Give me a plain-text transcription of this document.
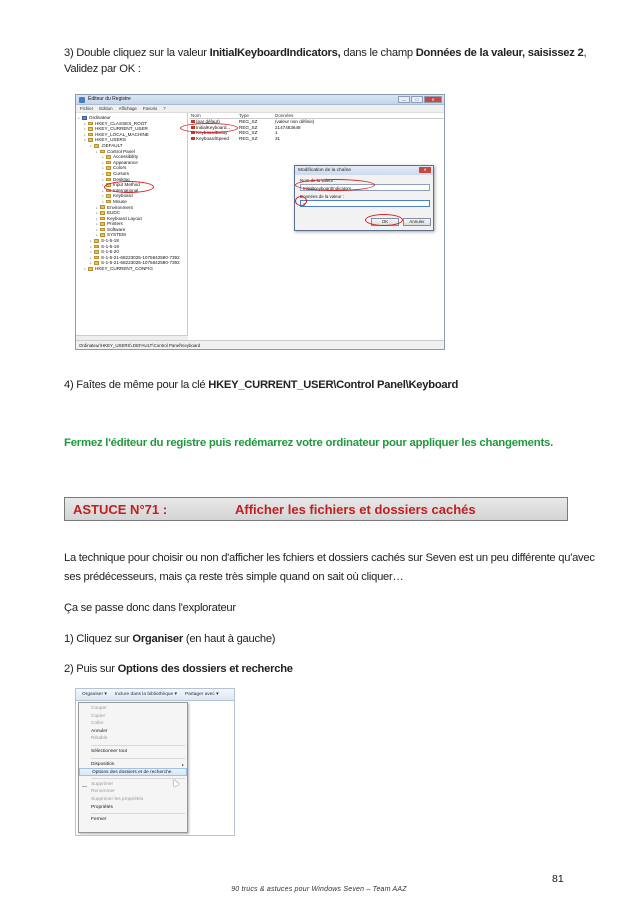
3) Double cliquez sur la valeur InitialKeyboardIndicators, dans le champ Données de la valeur, saisissez 2,
Validez par OK :
Éditeur du Registre	—	□	✕
Fichier Edition Affichage Favoris ?
▹ Ordinateur
▹ HKEY_CLASSES_ROOT
▹ HKEY_CURRENT_USER
▹ HKEY_LOCAL_MACHINE
▹ HKEY_USERS
▹ .DEFAULT
▹ Control Panel
▹ Accessibility
▹ Appearance
▹ Colors
▹ Cursors
▹ Desktop
▹ Input Method
▹ International
▹ Keyboard
▹ Mouse
▹ Environment
▹ EUDC
▹ Keyboard Layout
▹ Printers
▹ Software
▹ SYSTEM
▹ S-1-5-18
▹ S-1-5-19
▹ S-1-5-20
▹ S-1-5-21-68223025-1075842580-7392
▹ S-1-5-21-68223025-1075842580-7392
▹ HKEY_CURRENT_CONFIG
Nom	Type	Données
(par défaut)	REG_SZ	(valeur non définie)
InitialKeyboard...	REG_SZ	2147483648
KeyboardDelay	REG_SZ	1
KeyboardSpeed	REG_SZ	31
Ordinateur\HKEY_USERS\.DEFAULT\Control Panel\Keyboard
Modification de la chaîne	✕
Nom de la valeur :
InitialKeyboardIndicators
Données de la valeur :
2
OK	Annuler
4) Faîtes de même pour la clé HKEY_CURRENT_USER\Control Panel\Keyboard
Fermez l'éditeur du registre puis redémarrez votre ordinateur pour appliquer les changements.
ASTUCE N°71 :	Afficher les fichiers et dossiers cachés
La technique pour choisir ou non d'afficher les fchiers et dossiers cachés sur Seven est un peu différente qu'avec
ses prédécesseurs, mais ça reste très simple quand on sait où cliquer…
Ça se passe donc dans l'explorateur
1) Cliquez sur Organiser (en haut à gauche)
2) Puis sur Options des dossiers et recherche
Organiser ▾ Inclure dans la bibliothèque ▾ Partager avec ▾
Couper
Copier
Coller
Annuler
Rétablir
Sélectionner tout
Disposition	▸
Options des dossiers et de recherche
Supprimer
Renommer
Supprimer les propriétés
Propriétés
Fermer
81
90 trucs & astuces pour Windows Seven – Team AAZ
